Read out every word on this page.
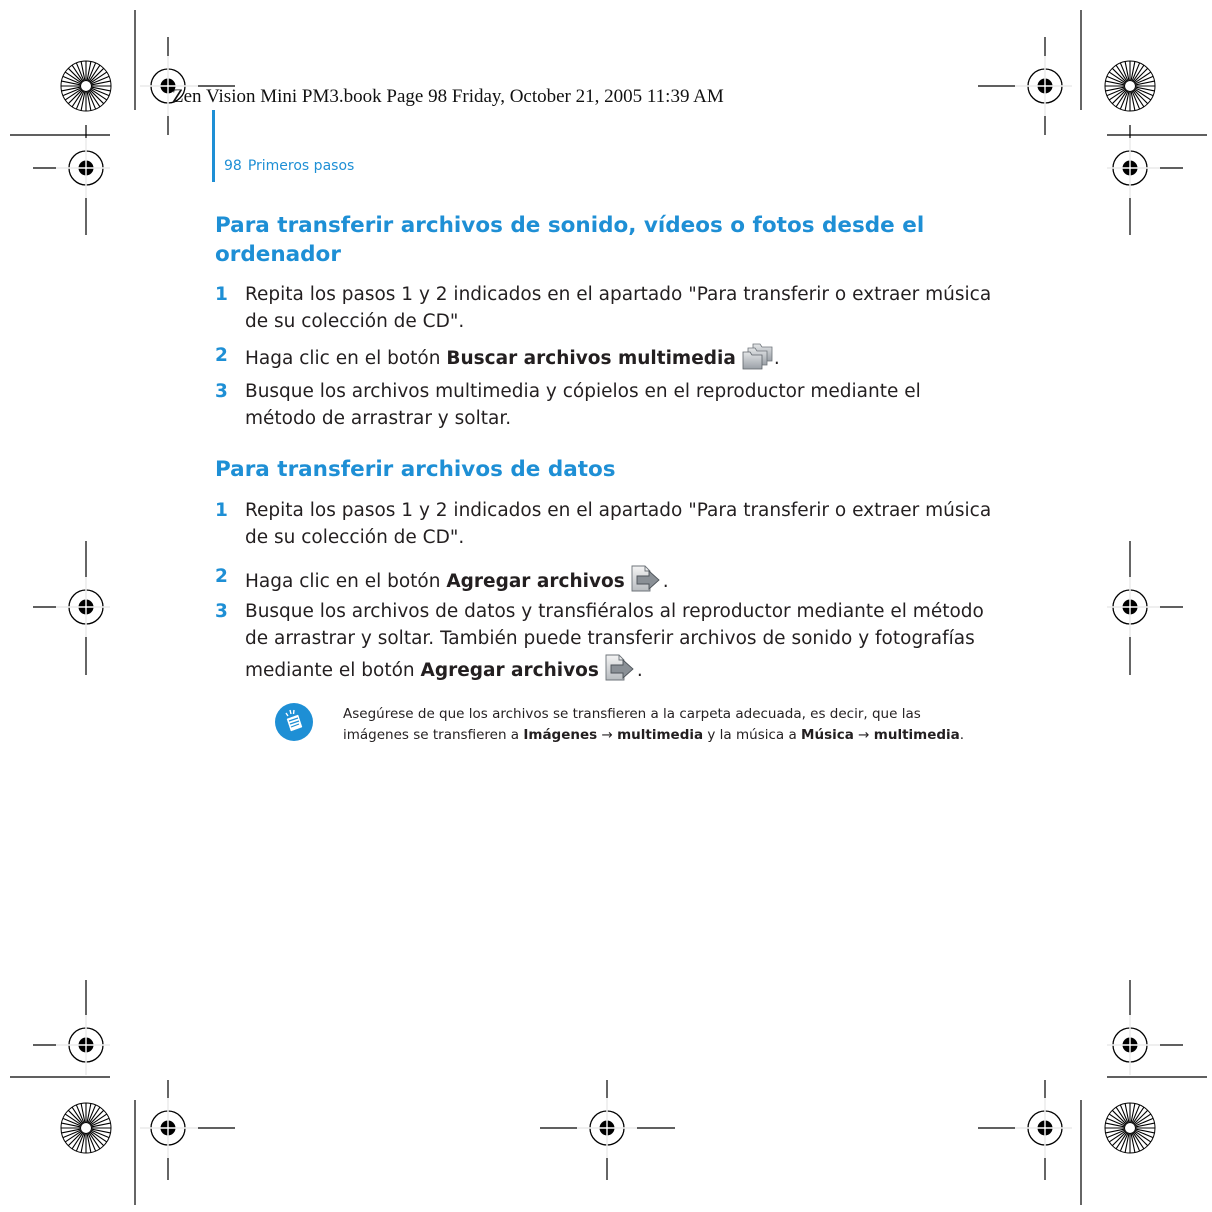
Zen Vision Mini PM3.book Page 98 Friday, October 21, 2005 11:39 AM
98 Primeros pasos
Para transferir archivos de sonido, vídeos o fotos desde el ordenador
1 Repita los pasos 1 y 2 indicados en el apartado "Para transferir o extraer música de su colección de CD".
2 Haga clic en el botón Buscar archivos multimedia .
3 Busque los archivos multimedia y cópielos en el reproductor mediante el método de arrastrar y soltar.
Para transferir archivos de datos
1 Repita los pasos 1 y 2 indicados en el apartado "Para transferir o extraer música de su colección de CD".
2 Haga clic en el botón Agregar archivos .
3 Busque los archivos de datos y transfiéralos al reproductor mediante el método de arrastrar y soltar. También puede transferir archivos de sonido y fotografías mediante el botón Agregar archivos .
Asegúrese de que los archivos se transfieren a la carpeta adecuada, es decir, que las imágenes se transfieren a Imágenes → multimedia y la música a Música → multimedia.
